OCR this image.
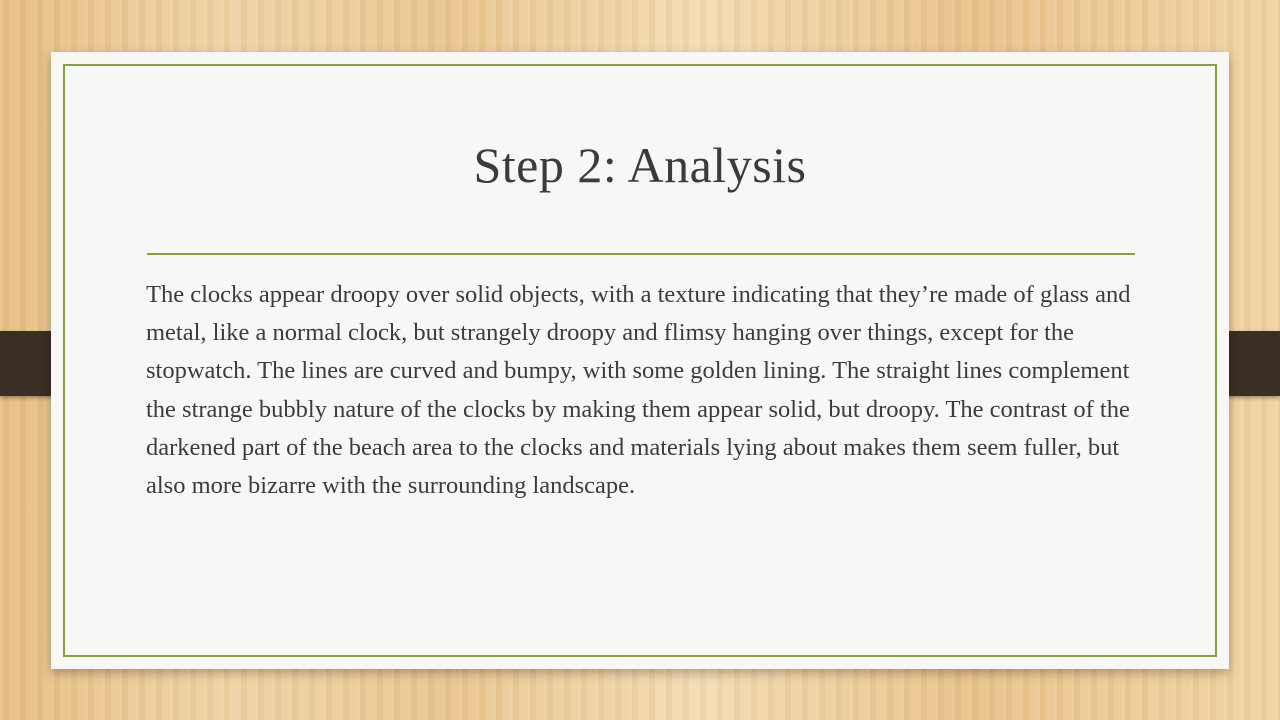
Step 2: Analysis

The clocks appear droopy over solid objects, with a texture indicating that they’re made of glass and metal, like a normal clock, but strangely droopy and flimsy hanging over things, except for the stopwatch. The lines are curved and bumpy, with some golden lining. The straight lines complement the strange bubbly nature of the clocks by making them appear solid, but droopy. The contrast of the darkened part of the beach area to the clocks and materials lying about makes them seem fuller, but also more bizarre with the surrounding landscape.
